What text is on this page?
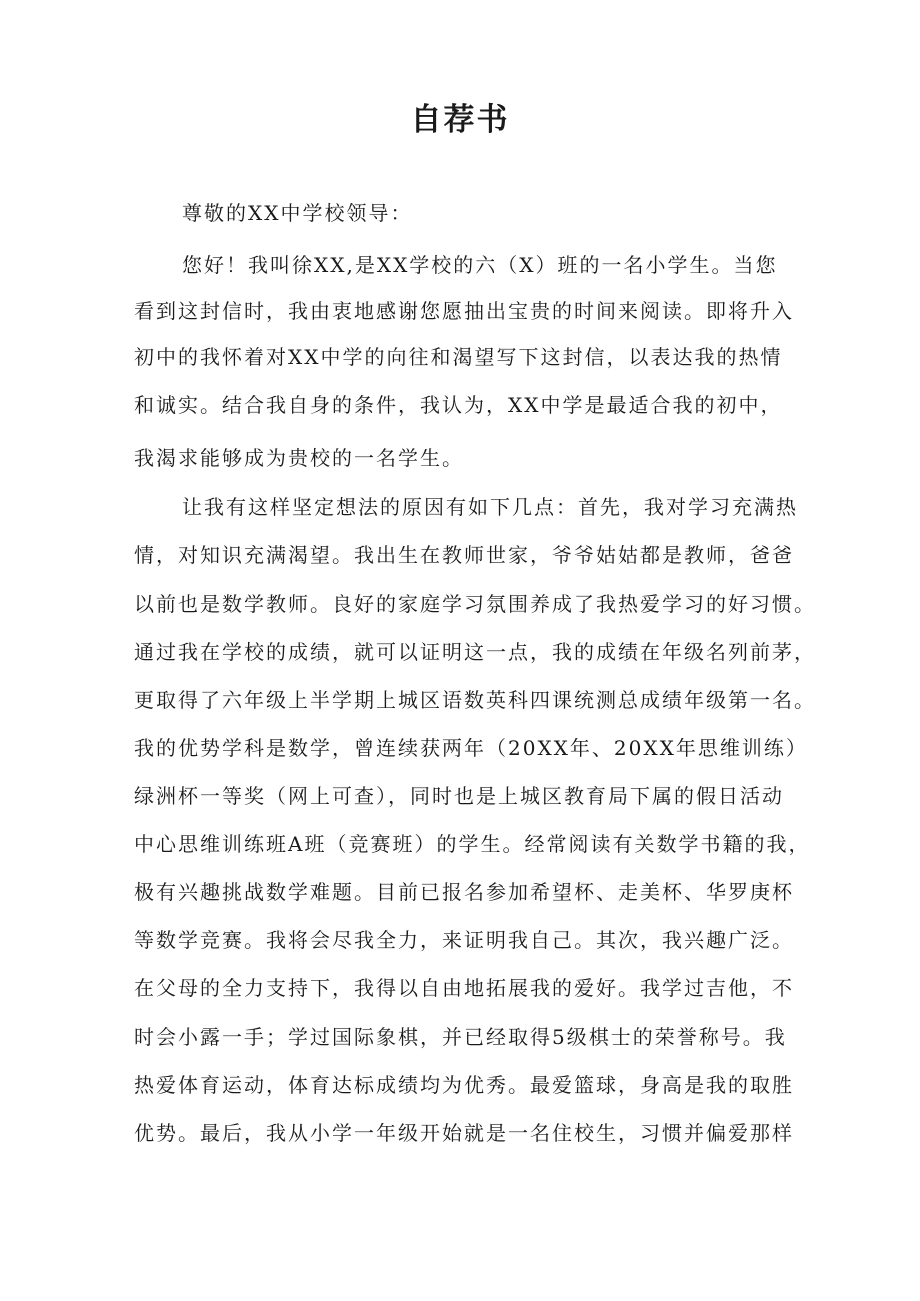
自荐书
尊敬的XX中学校领导：
您好！我叫徐XX,是XX学校的六（X）班的一名小学生。当您
看到这封信时，我由衷地感谢您愿抽出宝贵的时间来阅读。即将升入
初中的我怀着对XX中学的向往和渴望写下这封信，以表达我的热情
和诚实。结合我自身的条件，我认为，XX中学是最适合我的初中，
我渴求能够成为贵校的一名学生。
让我有这样坚定想法的原因有如下几点：首先，我对学习充满热
情，对知识充满渴望。我出生在教师世家，爷爷姑姑都是教师，爸爸
以前也是数学教师。良好的家庭学习氛围养成了我热爱学习的好习惯。
通过我在学校的成绩，就可以证明这一点，我的成绩在年级名列前茅，
更取得了六年级上半学期上城区语数英科四课统测总成绩年级第一名。
我的优势学科是数学，曾连续获两年（20XX年、20XX年思维训练）
绿洲杯一等奖（网上可查），同时也是上城区教育局下属的假日活动
中心思维训练班A班（竞赛班）的学生。经常阅读有关数学书籍的我，
极有兴趣挑战数学难题。目前已报名参加希望杯、走美杯、华罗庚杯
等数学竞赛。我将会尽我全力，来证明我自己。其次，我兴趣广泛。
在父母的全力支持下，我得以自由地拓展我的爱好。我学过吉他，不
时会小露一手；学过国际象棋，并已经取得5级棋士的荣誉称号。我
热爱体育运动，体育达标成绩均为优秀。最爱篮球，身高是我的取胜
优势。最后，我从小学一年级开始就是一名住校生，习惯并偏爱那样
